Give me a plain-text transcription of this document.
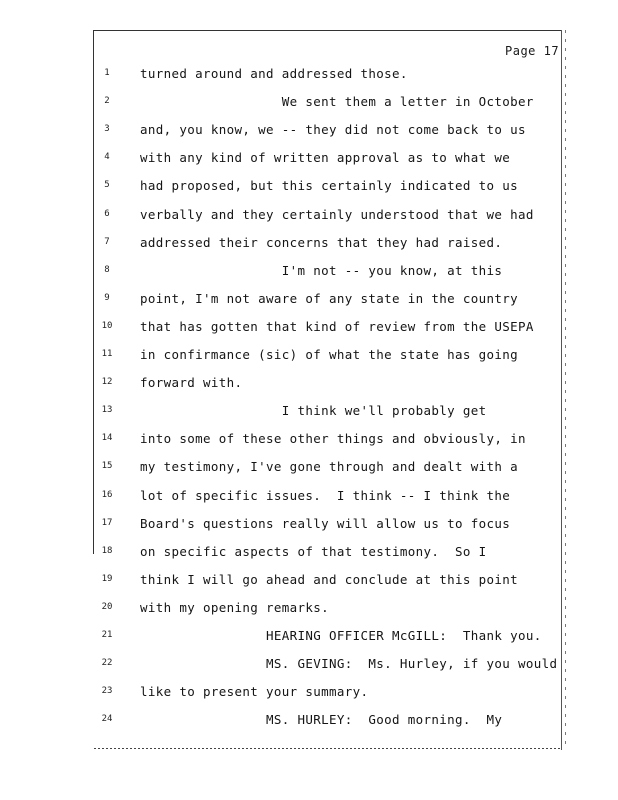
Page 17
1	turned around and addressed those.
2	We sent them a letter in October
3	and, you know, we -- they did not come back to us
4	with any kind of written approval as to what we
5	had proposed, but this certainly indicated to us
6	verbally and they certainly understood that we had
7	addressed their concerns that they had raised.
8	I'm not -- you know, at this
9	point, I'm not aware of any state in the country
10	that has gotten that kind of review from the USEPA
11	in confirmance (sic) of what the state has going
12	forward with.
13	I think we'll probably get
14	into some of these other things and obviously, in
15	my testimony, I've gone through and dealt with a
16	lot of specific issues.  I think -- I think the
17	Board's questions really will allow us to focus
18	on specific aspects of that testimony.  So I
19	think I will go ahead and conclude at this point
20	with my opening remarks.
21	HEARING OFFICER McGILL:  Thank you.
22	MS. GEVING:  Ms. Hurley, if you would
23	like to present your summary.
24	MS. HURLEY:  Good morning.  My
